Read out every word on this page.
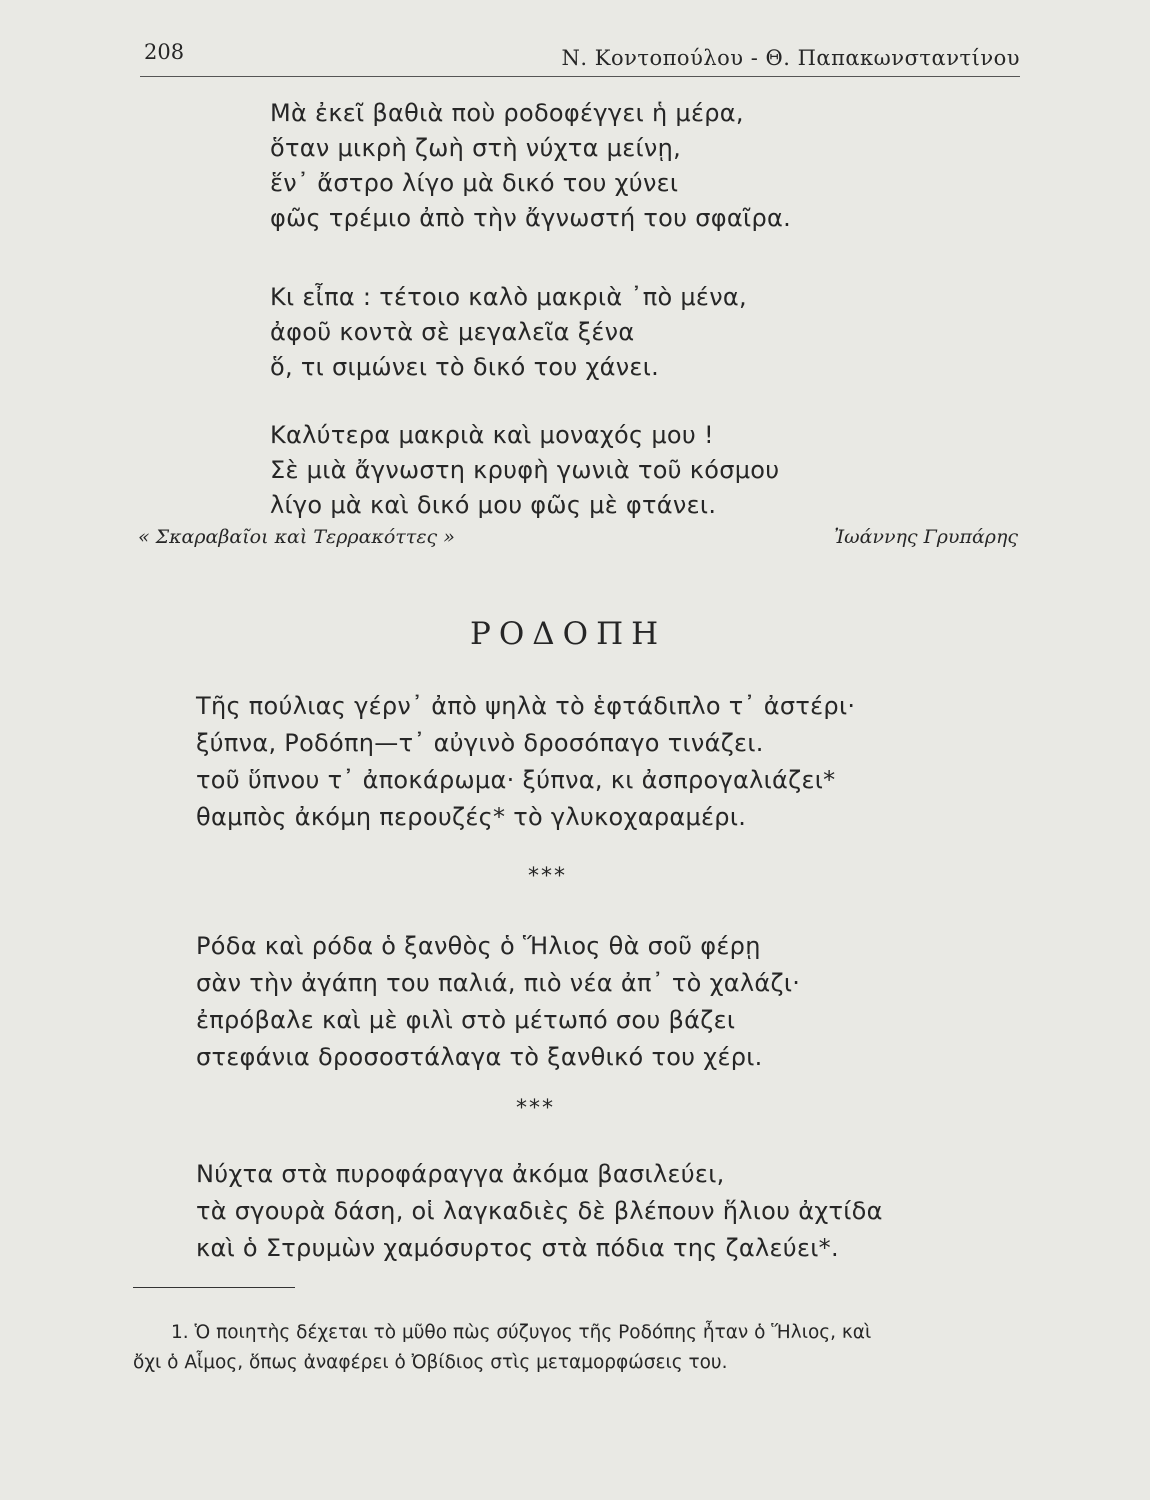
208	Ν. Κοντοπούλου - Θ. Παπακωνσταντίνου
Μὰ ἐκεῖ βαθιὰ ποὺ ροδοφέγγει ἡ μέρα,
ὅταν μικρὴ ζωὴ στὴ νύχτα μείνῃ,
ἕν᾽ ἄστρο λίγο μὰ δικό του χύνει
φῶς τρέμιο ἀπὸ τὴν ἄγνωστή του σφαῖρα.
Κι εἶπα : τέτοιο καλὸ μακριὰ ᾿πὸ μένα,
ἀφοῦ κοντὰ σὲ μεγαλεῖα ξένα
ὅ, τι σιμώνει τὸ δικό του χάνει.
Καλύτερα μακριὰ καὶ μοναχός μου !
Σὲ μιὰ ἄγνωστη κρυφὴ γωνιὰ τοῦ κόσμου
λίγο μὰ καὶ δικό μου φῶς μὲ φτάνει.
« Σκαραβαῖοι καὶ Τερρακόττες »	Ἰωάννης Γρυπάρης
ΡΟΔΟΠΗ
Τῆς πούλιας γέρν᾽ ἀπὸ ψηλὰ τὸ ἑφτάδιπλο τ᾽ ἀστέρι·
ξύπνα, Ροδόπη—τ᾽ αὐγινὸ δροσόπαγο τινάζει.
τοῦ ὕπνου τ᾽ ἀποκάρωμα· ξύπνα, κι ἀσπρογαλιάζει*
θαμπὸς ἀκόμη περουζές* τὸ γλυκοχαραμέρι.
***
Ρόδα καὶ ρόδα ὁ ξανθὸς ὁ Ἥλιος θὰ σοῦ φέρῃ
σὰν τὴν ἀγάπη του παλιά, πιὸ νέα ἀπ᾽ τὸ χαλάζι·
ἐπρόβαλε καὶ μὲ φιλὶ στὸ μέτωπό σου βάζει
στεφάνια δροσοστάλαγα τὸ ξανθικό του χέρι.
***
Νύχτα στὰ πυροφάραγγα ἀκόμα βασιλεύει,
τὰ σγουρὰ δάση, οἱ λαγκαδιὲς δὲ βλέπουν ἥλιου ἀχτίδα
καὶ ὁ Στρυμὼν χαμόσυρτος στὰ πόδια της ζαλεύει*.
1. Ὁ ποιητὴς δέχεται τὸ μῦθο πὼς σύζυγος τῆς Ροδόπης ἦταν ὁ Ἥλιος, καὶ
ὄχι ὁ Αἷμος, ὅπως ἀναφέρει ὁ Ὀβίδιος στὶς μεταμορφώσεις του.
